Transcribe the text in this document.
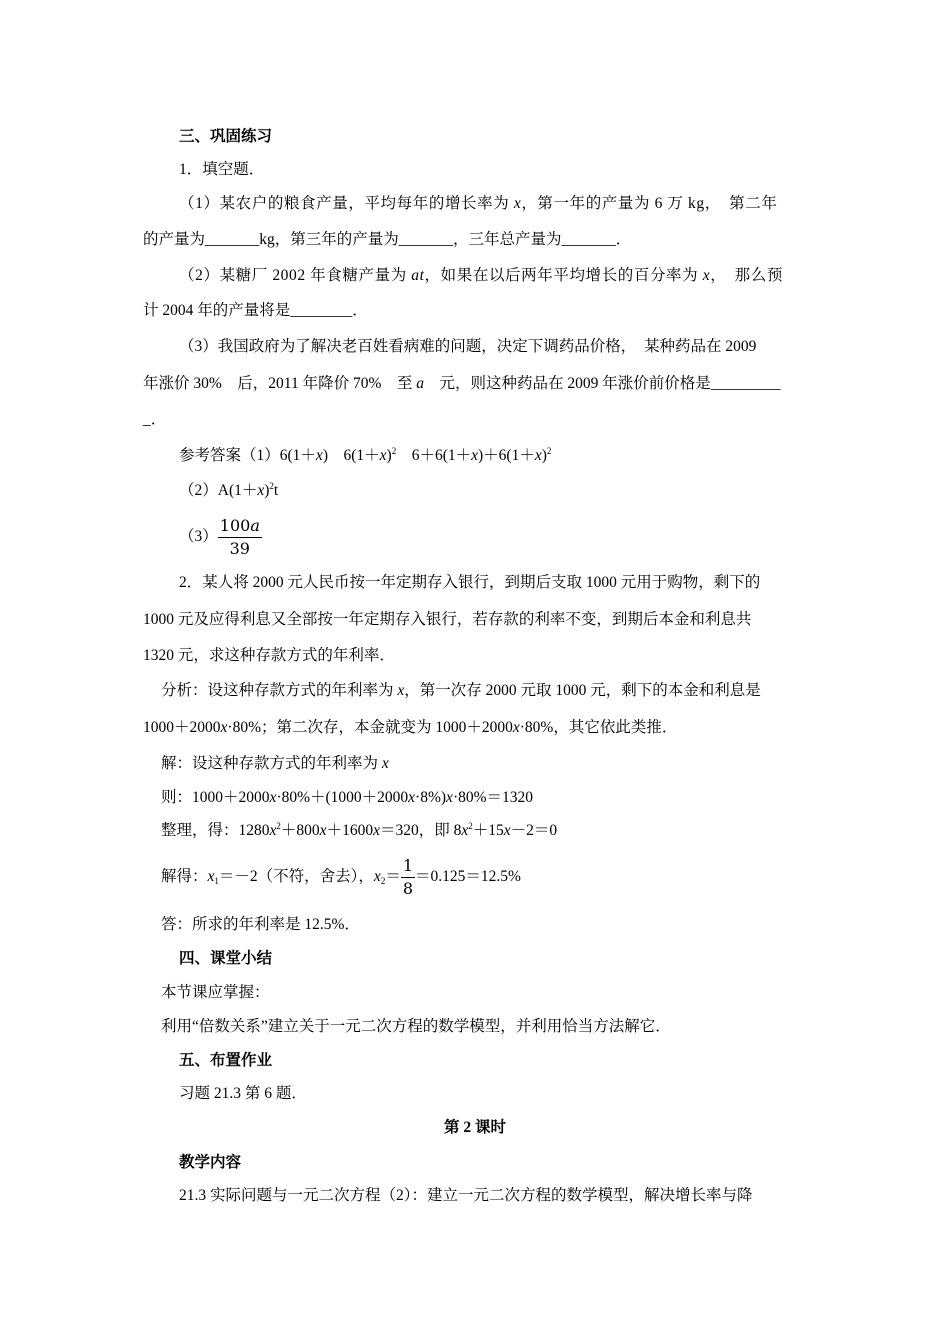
三、巩固练习
1．填空题．
（1）某农户的粮食产量，平均每年的增长率为 x，第一年的产量为 6 万 kg，　第二年
的产量为_______kg，第三年的产量为_______，三年总产量为_______．
（2）某糖厂 2002 年食糖产量为 at，如果在以后两年平均增长的百分率为 x，　那么预
计 2004 年的产量将是________．
（3）我国政府为了解决老百姓看病难的问题，决定下调药品价格，　某种药品在 2009
年涨价 30%　后，2011 年降价 70%　至 a　元，则这种药品在 2009 年涨价前价格是_________
_．
参考答案（1）6(1＋x)　$6(1+x)^2$　$6+6(1+x)+6(1+x)^2$
$(2)A(1+x)^2t$
$(3) \frac{100a}{39}$
2．某人将 2000 元人民币按一年定期存入银行，到期后支取 1000 元用于购物，剩下的
1000 元及应得利息又全部按一年定期存入银行，若存款的利率不变，到期后本金和利息共
1320 元，求这种存款方式的年利率．
分析：设这种存款方式的年利率为 x，第一次存 2000 元取 1000 元，剩下的本金和利息是
1000＋2000x·80%；第二次存，本金就变为 1000＋2000x·80%，其它依此类推．
解：设这种存款方式的年利率为 x
则：1000＋2000x·80%＋(1000＋2000x·8%)x·80%＝1320
整理，得：$1280x^2+800x+1600x=320$，即 $8x^2+15x-2=0$
解得：$x_1=-2$（不符，舍去），$x_2= \frac{1}{8} =0.125=12.5\%$
答：所求的年利率是 12.5%．
四、课堂小结
本节课应掌握：
利用“倍数关系”建立关于一元二次方程的数学模型，并利用恰当方法解它．
五、布置作业
习题 21.3 第 6 题．
第 2 课时
教学内容
21.3 实际问题与一元二次方程（2）：建立一元二次方程的数学模型，解决增长率与降
